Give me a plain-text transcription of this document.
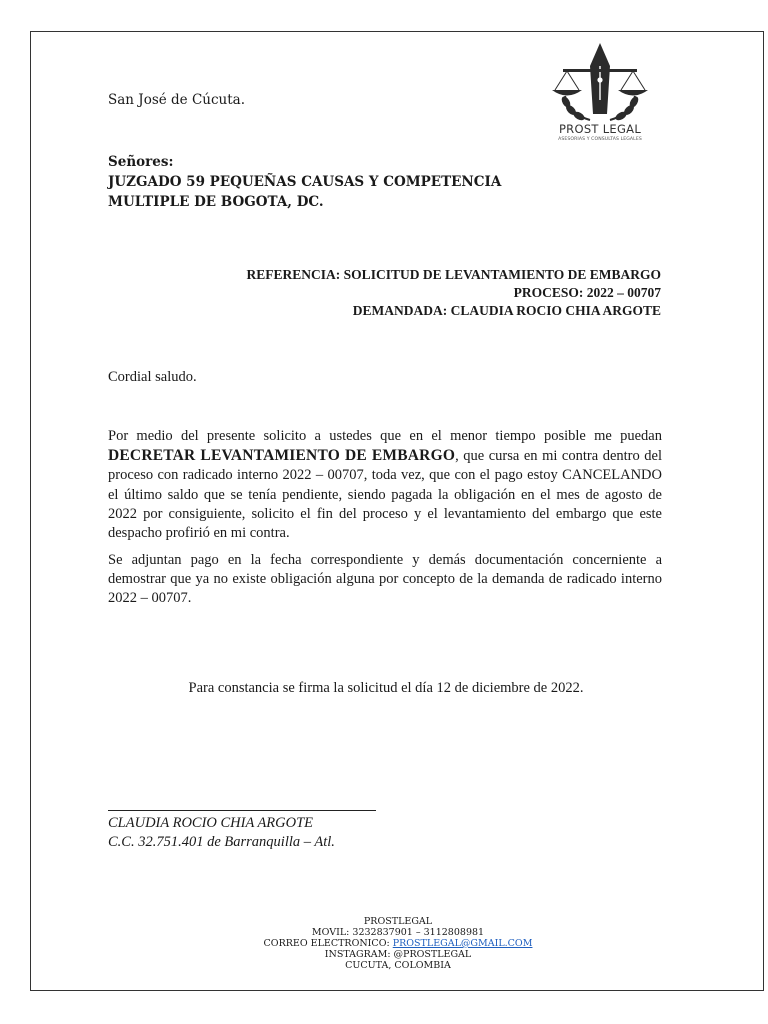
PROST LEGAL
ASESORIAS Y CONSULTAS LEGALES
San José de Cúcuta.
Señores:
JUZGADO 59 PEQUEÑAS CAUSAS Y COMPETENCIA
MULTIPLE DE BOGOTA, DC.
REFERENCIA: SOLICITUD DE LEVANTAMIENTO DE EMBARGO
PROCESO: 2022 – 00707
DEMANDADA: CLAUDIA ROCIO CHIA ARGOTE
Cordial saludo.
Por medio del presente solicito a ustedes que en el menor tiempo posible me puedan DECRETAR LEVANTAMIENTO DE EMBARGO, que cursa en mi contra dentro del proceso con radicado interno 2022 – 00707, toda vez, que con el pago estoy CANCELANDO el último saldo que se tenía pendiente, siendo pagada la obligación en el mes de agosto de 2022 por consiguiente, solicito el fin del proceso y el levantamiento del embargo que este despacho profirió en mi contra.
Se adjuntan pago en la fecha correspondiente y demás documentación concerniente a demostrar que ya no existe obligación alguna por concepto de la demanda de radicado interno 2022 – 00707.
Para constancia se firma la solicitud el día 12 de diciembre de 2022.
CLAUDIA ROCIO CHIA ARGOTE
C.C. 32.751.401 de Barranquilla – Atl.
PROSTLEGAL
MOVIL: 3232837901 – 3112808981
CORREO ELECTRONICO: PROSTLEGAL@GMAIL.COM
INSTAGRAM: @PROSTLEGAL
CUCUTA, COLOMBIA
